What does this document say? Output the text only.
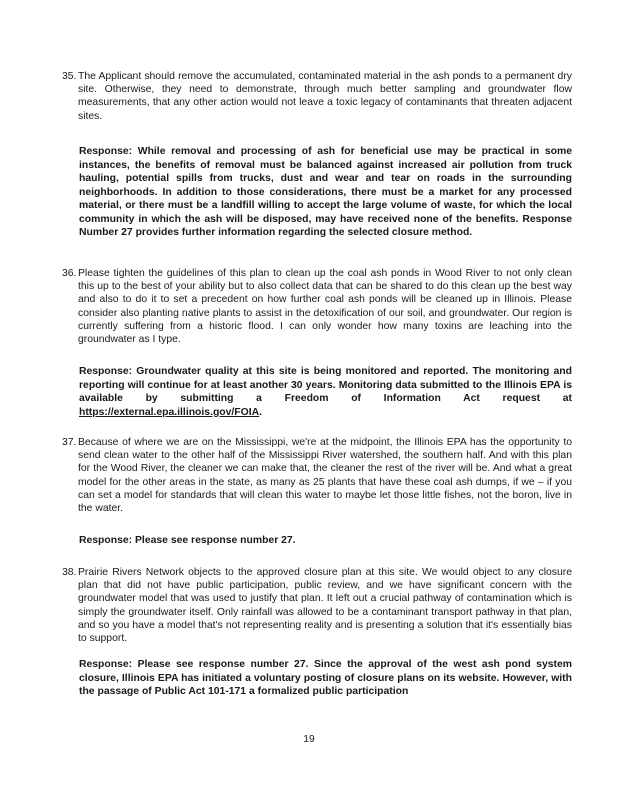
35. The Applicant should remove the accumulated, contaminated material in the ash ponds to a permanent dry site. Otherwise, they need to demonstrate, through much better sampling and groundwater flow measurements, that any other action would not leave a toxic legacy of contaminants that threaten adjacent sites.
Response: While removal and processing of ash for beneficial use may be practical in some instances, the benefits of removal must be balanced against increased air pollution from truck hauling, potential spills from trucks, dust and wear and tear on roads in the surrounding neighborhoods. In addition to those considerations, there must be a market for any processed material, or there must be a landfill willing to accept the large volume of waste, for which the local community in which the ash will be disposed, may have received none of the benefits. Response Number 27 provides further information regarding the selected closure method.
36. Please tighten the guidelines of this plan to clean up the coal ash ponds in Wood River to not only clean this up to the best of your ability but to also collect data that can be shared to do this clean up the best way and also to do it to set a precedent on how further coal ash ponds will be cleaned up in Illinois. Please consider also planting native plants to assist in the detoxification of our soil, and groundwater. Our region is currently suffering from a historic flood. I can only wonder how many toxins are leaching into the groundwater as I type.
Response: Groundwater quality at this site is being monitored and reported. The monitoring and reporting will continue for at least another 30 years. Monitoring data submitted to the Illinois EPA is available by submitting a Freedom of Information Act request at https://external.epa.illinois.gov/FOIA.
37. Because of where we are on the Mississippi, we're at the midpoint, the Illinois EPA has the opportunity to send clean water to the other half of the Mississippi River watershed, the southern half. And with this plan for the Wood River, the cleaner we can make that, the cleaner the rest of the river will be. And what a great model for the other areas in the state, as many as 25 plants that have these coal ash dumps, if we – if you can set a model for standards that will clean this water to maybe let those little fishes, not the boron, live in the water.
Response: Please see response number 27.
38. Prairie Rivers Network objects to the approved closure plan at this site. We would object to any closure plan that did not have public participation, public review, and we have significant concern with the groundwater model that was used to justify that plan. It left out a crucial pathway of contamination which is simply the groundwater itself. Only rainfall was allowed to be a contaminant transport pathway in that plan, and so you have a model that's not representing reality and is presenting a solution that it's essentially bias to support.
Response: Please see response number 27. Since the approval of the west ash pond system closure, Illinois EPA has initiated a voluntary posting of closure plans on its website. However, with the passage of Public Act 101-171 a formalized public participation
19
